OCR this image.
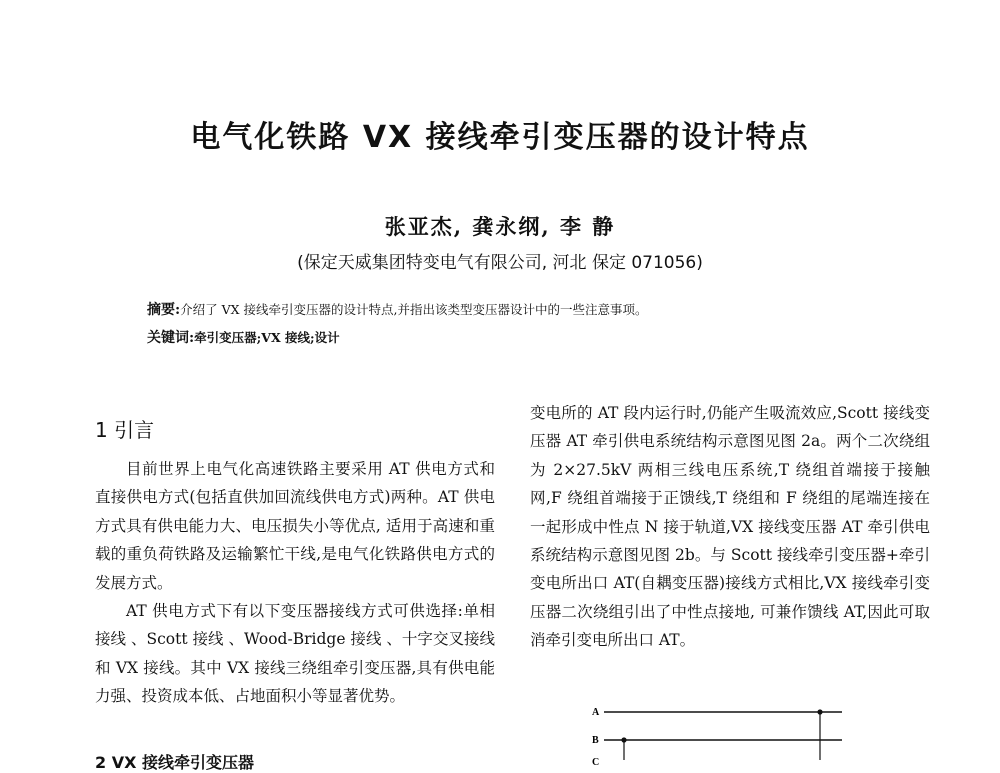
电气化铁路 VX 接线牵引变压器的设计特点
张亚杰, 龚永纲, 李 静
(保定天威集团特变电气有限公司, 河北 保定 071056)
摘要:介绍了 VX 接线牵引变压器的设计特点,并指出该类型变压器设计中的一些注意事项。
关键词:牵引变压器;VX 接线;设计
1 引言

目前世界上电气化高速铁路主要采用 AT 供电方式和直接供电方式(包括直供加回流线供电方式)两种。AT 供电方式具有供电能力大、电压损失小等优点, 适用于高速和重载的重负荷铁路及运输繁忙干线,是电气化铁路供电方式的发展方式。

AT 供电方式下有以下变压器接线方式可供选择:单相接线 、Scott 接线 、Wood-Bridge 接线 、十字交叉接线和 VX 接线。其中 VX 接线三绕组牵引变压器,具有供电能力强、投资成本低、占地面积小等显著优势。

2 VX 接线牵引变压器

变电所的 AT 段内运行时,仍能产生吸流效应,Scott 接线变压器 AT 牵引供电系统结构示意图见图 2a。两个二次绕组为 2×27.5kV 两相三线电压系统,T 绕组首端接于接触网,F 绕组首端接于正馈线,T 绕组和 F 绕组的尾端连接在一起形成中性点 N 接于轨道,VX 接线变压器 AT 牵引供电系统结构示意图见图 2b。与 Scott 接线牵引变压器+牵引变电所出口 AT(自耦变压器)接线方式相比,VX 接线牵引变压器二次绕组引出了中性点接地, 可兼作馈线 AT,因此可取消牵引变电所出口 AT。

A
B
C
